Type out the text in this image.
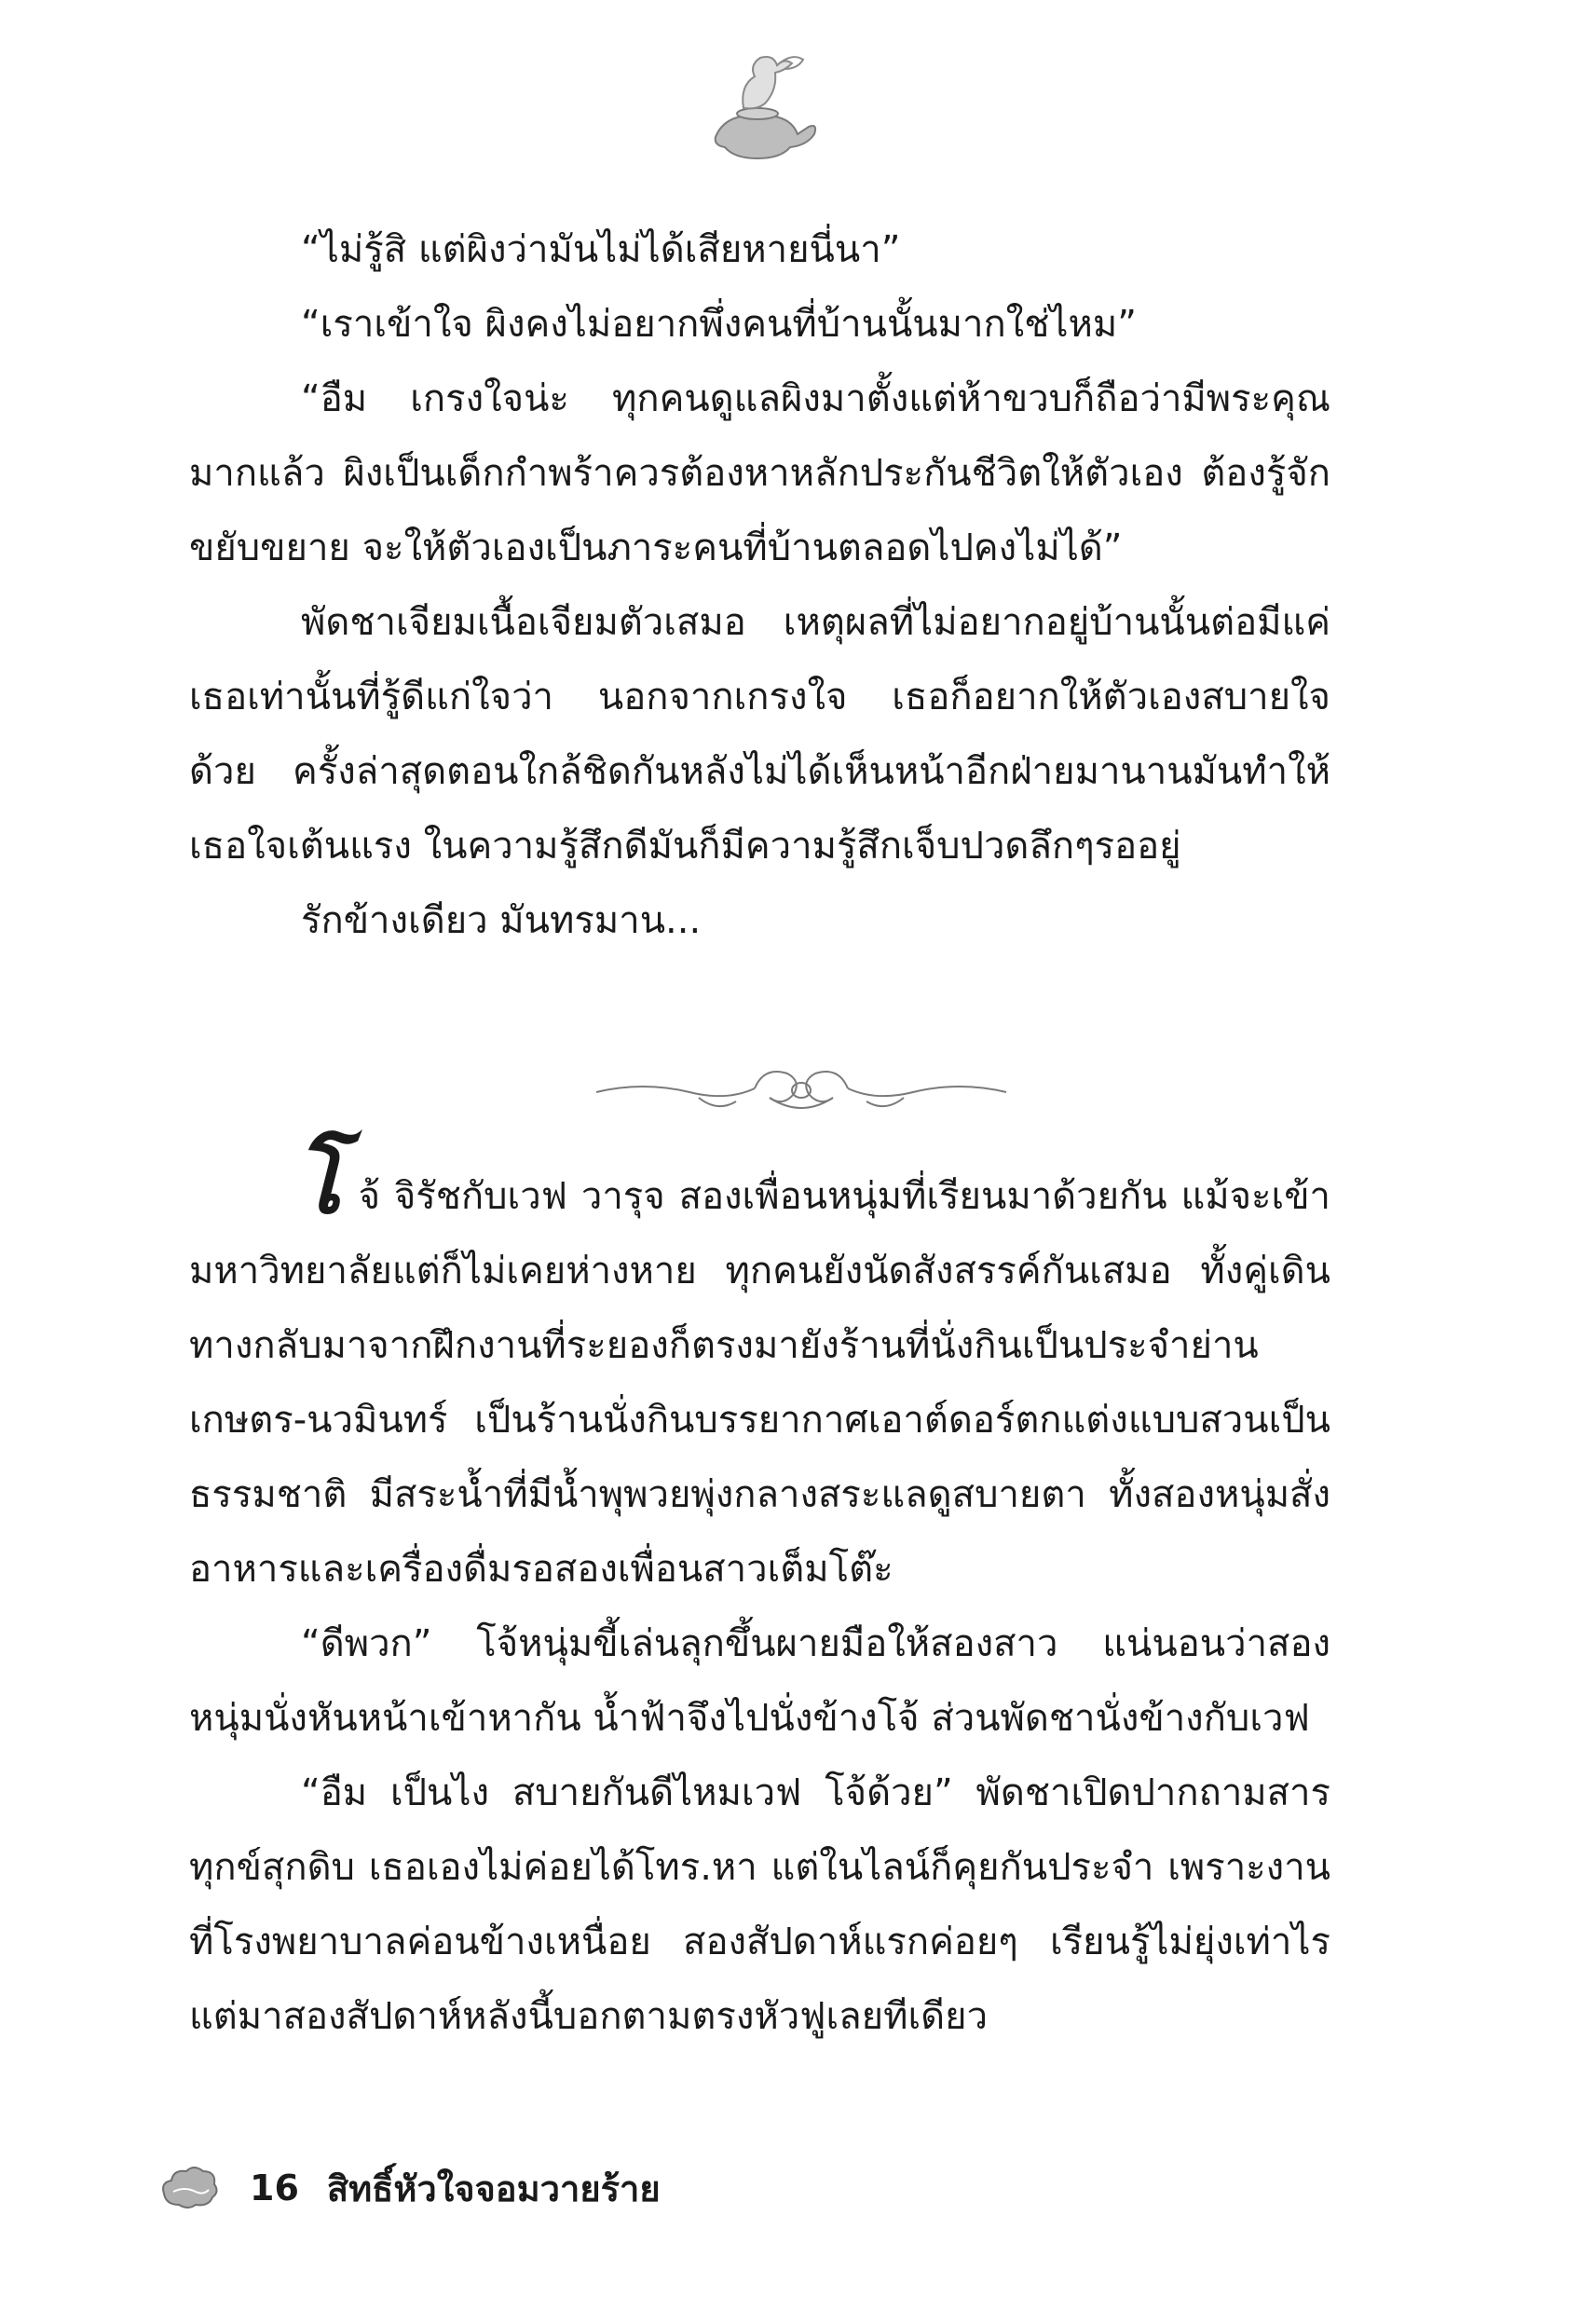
“ไม่รู้สิ แต่ผิงว่ามันไม่ได้เสียหายนี่นา”

“เราเข้าใจ ผิงคงไม่อยากพึ่งคนที่บ้านนั้นมากใช่ไหม”

“อืม เกรงใจน่ะ ทุกคนดูแลผิงมาตั้งแต่ห้าขวบก็ถือว่ามีพระคุณมากแล้ว ผิงเป็นเด็กกำพร้าควรต้องหาหลักประกันชีวิตให้ตัวเอง ต้องรู้จักขยับขยาย จะให้ตัวเองเป็นภาระคนที่บ้านตลอดไปคงไม่ได้”

พัดชาเจียมเนื้อเจียมตัวเสมอ เหตุผลที่ไม่อยากอยู่บ้านนั้นต่อมีแค่เธอเท่านั้นที่รู้ดีแก่ใจว่า นอกจากเกรงใจ เธอก็อยากให้ตัวเองสบายใจด้วย ครั้งล่าสุดตอนใกล้ชิดกันหลังไม่ได้เห็นหน้าอีกฝ่ายมานานมันทำให้เธอใจเต้นแรง ในความรู้สึกดีมันก็มีความรู้สึกเจ็บปวดลึกๆรออยู่

รักข้างเดียว มันทรมาน...

โจ้ จิรัชกับเวฟ วารุจ สองเพื่อนหนุ่มที่เรียนมาด้วยกัน แม้จะเข้ามหาวิทยาลัยแต่ก็ไม่เคยห่างหาย ทุกคนยังนัดสังสรรค์กันเสมอ ทั้งคู่เดินทางกลับมาจากฝึกงานที่ระยองก็ตรงมายังร้านที่นั่งกินเป็นประจำย่านเกษตร-นวมินทร์ เป็นร้านนั่งกินบรรยากาศเอาต์ดอร์ตกแต่งแบบสวนเป็นธรรมชาติ มีสระน้ำที่มีน้ำพุพวยพุ่งกลางสระแลดูสบายตา ทั้งสองหนุ่มสั่งอาหารและเครื่องดื่มรอสองเพื่อนสาวเต็มโต๊ะ

“ดีพวก” โจ้หนุ่มขี้เล่นลุกขึ้นผายมือให้สองสาว แน่นอนว่าสองหนุ่มนั่งหันหน้าเข้าหากัน น้ำฟ้าจึงไปนั่งข้างโจ้ ส่วนพัดชานั่งข้างกับเวฟ

“อืม เป็นไง สบายกันดีไหมเวฟ โจ้ด้วย” พัดชาเปิดปากถามสารทุกข์สุกดิบ เธอเองไม่ค่อยได้โทร.หา แต่ในไลน์ก็คุยกันประจำ เพราะงานที่โรงพยาบาลค่อนข้างเหนื่อย สองสัปดาห์แรกค่อยๆ เรียนรู้ไม่ยุ่งเท่าไร แต่มาสองสัปดาห์หลังนี้บอกตามตรงหัวฟูเลยทีเดียว

16 สิทธิ์หัวใจจอมวายร้าย
